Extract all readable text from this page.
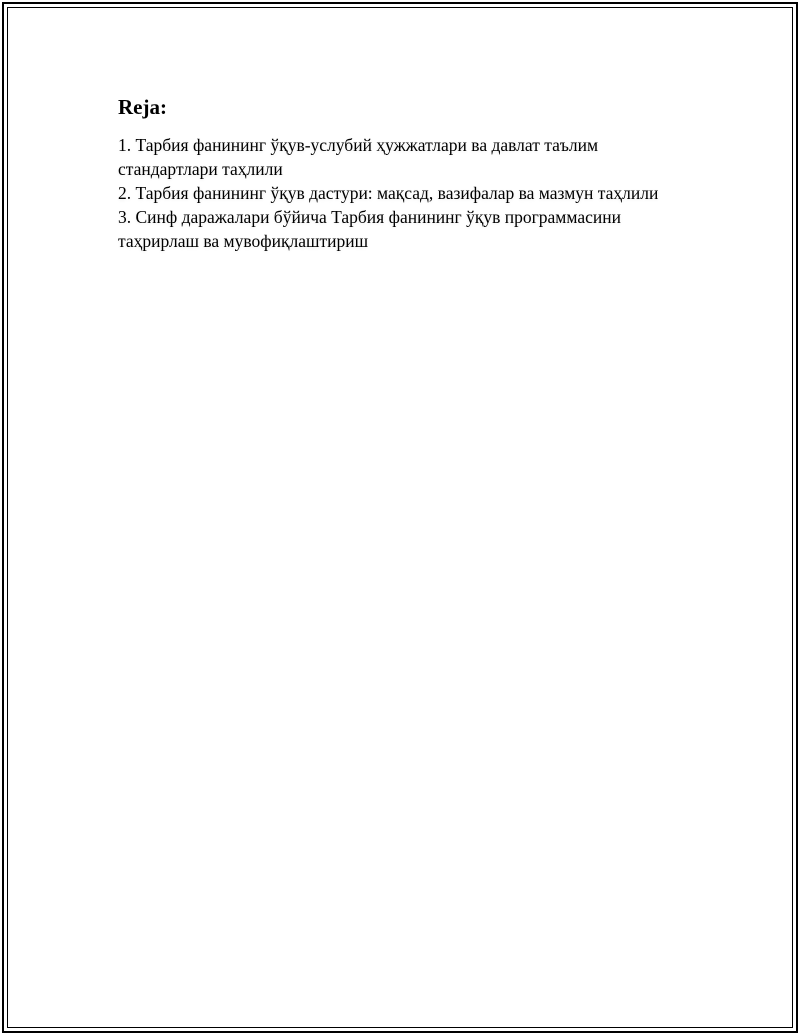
Reja:
1. Тарбия фанининг ўқув-услубий ҳужжатлари ва давлат таълим стандартлари таҳлили
2. Тарбия фанининг ўқув дастури: мақсад, вазифалар ва мазмун таҳлили
3. Синф даражалари бўйича Тарбия фанининг ўқув программасини таҳрирлаш ва мувофиқлаштириш
